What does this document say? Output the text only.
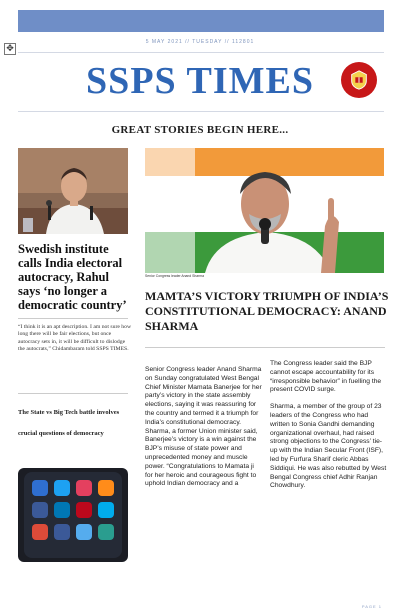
✥
5 MAY 2021 // TUESDAY // 112801
SSPS TIMES
GREAT STORIES BEGIN HERE...
Senior Congress leader Anand Sharma
Swedish institute calls India electoral autocracy, Rahul says ‘no longer a democratic country’
“I think it is an apt description. I am not sure how long there will be fair elections, but once autocracy sets in, it will be difficult to dislodge the autocrats,” Chidambaram told SSPS TIMES.
The State vs Big Tech battle involves crucial questions of democracy
MAMTA’S VICTORY TRIUMPH OF INDIA’S CONSTITUTIONAL DEMOCRACY: ANAND SHARMA

Senior Congress leader Anand Sharma on Sunday congratulated West Bengal Chief Minister Mamata Banerjee for her party’s victory in the state assembly elections, saying it was reassuring for the country and termed it a triumph for India’s constitutional democracy. Sharma, a former Union minister said, Banerjee’s victory is a win against the BJP’s misuse of state power and unprecedented money and muscle power. “Congratulations to Mamata ji for her heroic and courageous fight to uphold Indian democracy and a

The Congress leader said the BJP cannot escape accountability for its “irresponsible behavior” in fuelling the present COVID surge.

Sharma, a member of the group of 23 leaders of the Congress who had written to Sonia Gandhi demanding organizational overhaul, had raised strong objections to the Congress’ tie-up with the Indian Secular Front (ISF), led by Furfura Sharif cleric Abbas Siddiqui. He was also rebutted by West Bengal Congress chief Adhir Ranjan Chowdhury.

PAGE 1
